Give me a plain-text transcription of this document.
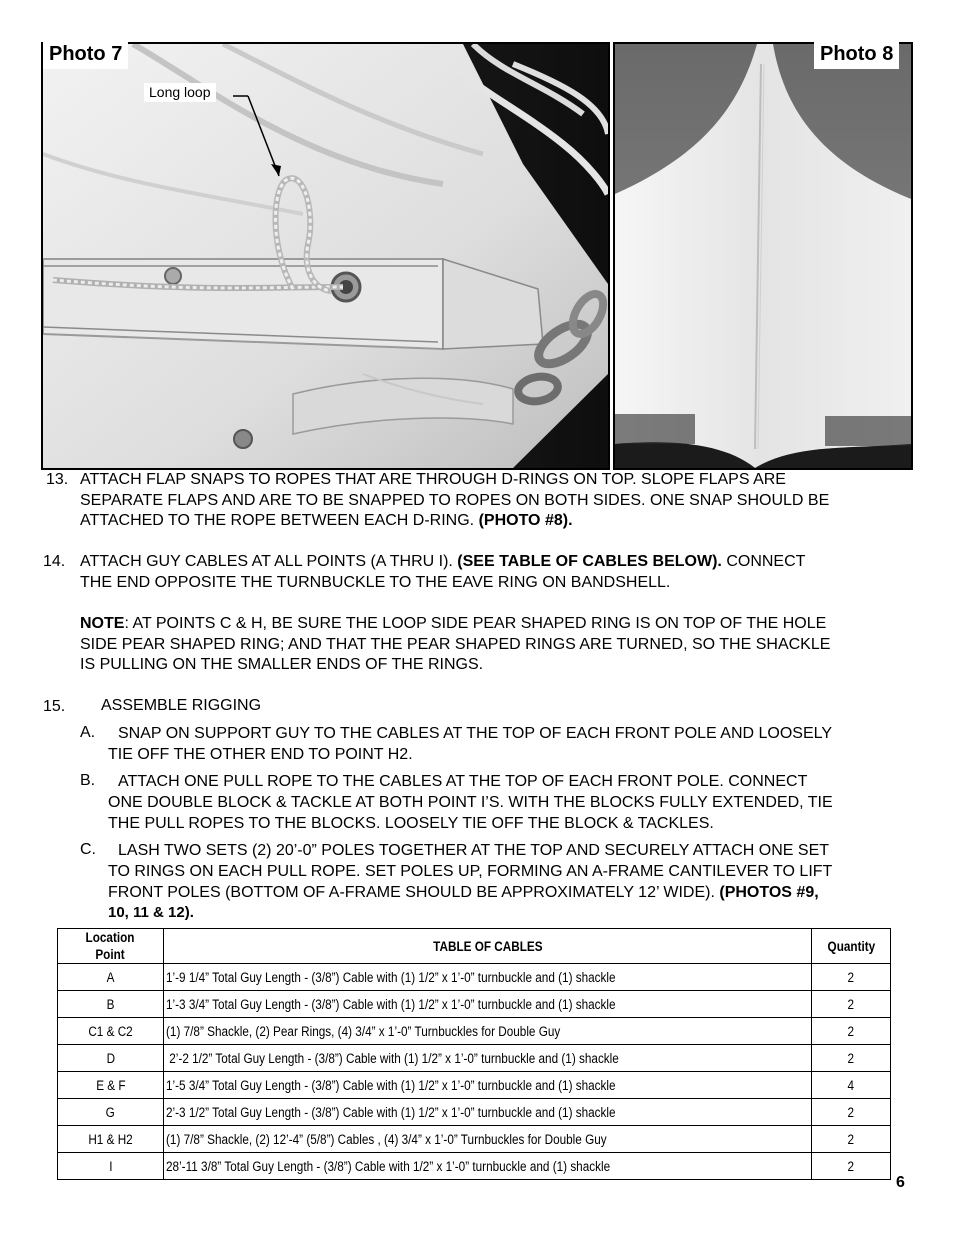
Photo 7
Long loop
Photo 8
13. ATTACH FLAP SNAPS TO ROPES THAT ARE THROUGH D-RINGS ON TOP. SLOPE FLAPS ARE
SEPARATE FLAPS AND ARE TO BE SNAPPED TO ROPES ON BOTH SIDES. ONE SNAP SHOULD BE
ATTACHED TO THE ROPE BETWEEN EACH D-RING. (PHOTO #8).
14. ATTACH GUY CABLES AT ALL POINTS (A THRU I). (SEE TABLE OF CABLES BELOW). CONNECT
THE END OPPOSITE THE TURNBUCKLE TO THE EAVE RING ON BANDSHELL.
NOTE: AT POINTS C & H, BE SURE THE LOOP SIDE PEAR SHAPED RING IS ON TOP OF THE HOLE
SIDE PEAR SHAPED RING; AND THAT THE PEAR SHAPED RINGS ARE TURNED, SO THE SHACKLE
IS PULLING ON THE SMALLER ENDS OF THE RINGS.
15. ASSEMBLE RIGGING
A. SNAP ON SUPPORT GUY TO THE CABLES AT THE TOP OF EACH FRONT POLE AND LOOSELY
TIE OFF THE OTHER END TO POINT H2.
B. ATTACH ONE PULL ROPE TO THE CABLES AT THE TOP OF EACH FRONT POLE. CONNECT
ONE DOUBLE BLOCK & TACKLE AT BOTH POINT I’S. WITH THE BLOCKS FULLY EXTENDED, TIE
THE PULL ROPES TO THE BLOCKS. LOOSELY TIE OFF THE BLOCK & TACKLES.
C. LASH TWO SETS (2) 20’-0” POLES TOGETHER AT THE TOP AND SECURELY ATTACH ONE SET
TO RINGS ON EACH PULL ROPE. SET POLES UP, FORMING AN A-FRAME CANTILEVER TO LIFT
FRONT POLES (BOTTOM OF A-FRAME SHOULD BE APPROXIMATELY 12’ WIDE). (PHOTOS #9,
10, 11 & 12).
Location Point	TABLE OF CABLES	Quantity
A	1’-9 1/4” Total Guy Length - (3/8”) Cable with (1) 1/2” x 1’-0” turnbuckle and (1) shackle	2
B	1’-3 3/4” Total Guy Length - (3/8”) Cable with (1) 1/2” x 1’-0” turnbuckle and (1) shackle	2
C1 & C2	(1) 7/8” Shackle, (2) Pear Rings, (4) 3/4” x 1’-0” Turnbuckles for Double Guy	2
D	2’-2 1/2” Total Guy Length - (3/8”) Cable with (1) 1/2” x 1’-0” turnbuckle and (1) shackle	2
E & F	1’-5 3/4” Total Guy Length - (3/8”) Cable with (1) 1/2” x 1’-0” turnbuckle and (1) shackle	4
G	2’-3 1/2” Total Guy Length - (3/8”) Cable with (1) 1/2” x 1’-0” turnbuckle and (1) shackle	2
H1 & H2	(1) 7/8” Shackle, (2) 12’-4” (5/8”) Cables , (4) 3/4” x 1’-0” Turnbuckles for Double Guy	2
I	28’-11 3/8” Total Guy Length - (3/8”) Cable with 1/2” x 1’-0” turnbuckle and (1) shackle	2
6
